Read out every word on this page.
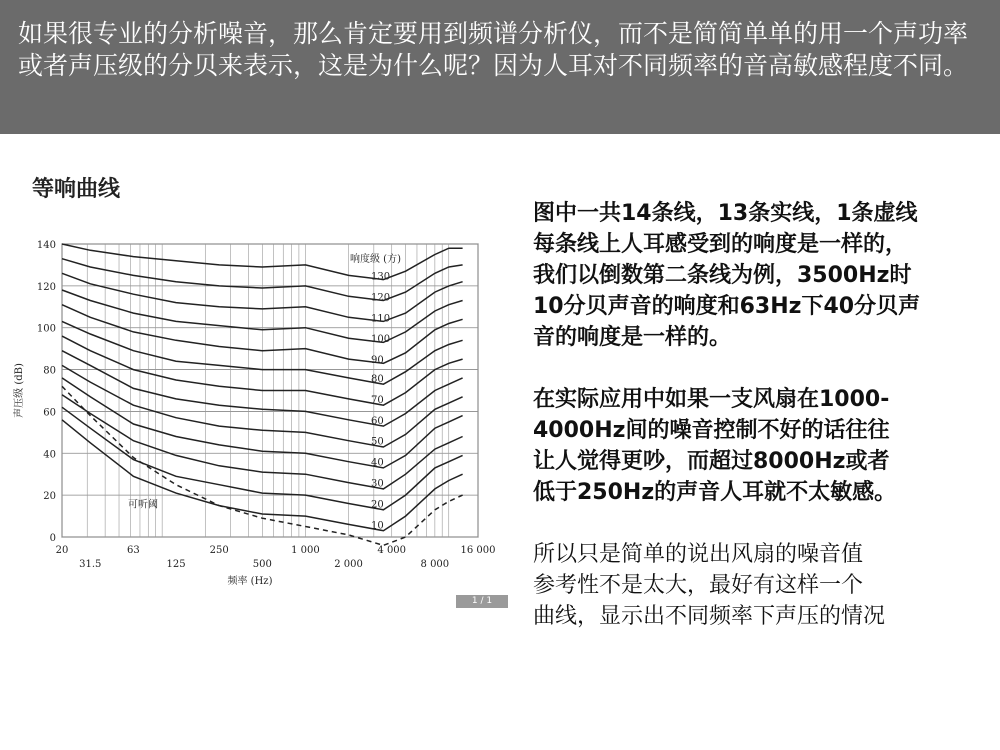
如果很专业的分析噪音，那么肯定要用到频谱分析仪，而不是简简单单的用一个声功率或者声压级的分贝来表示，这是为什么呢？因为人耳对不同频率的音高敏感程度不同。
等响曲线
0
20
40
60
80
100
120
140
20	63	250	1 000	4 000	16 000
31.5	125	500	2 000	8 000
频率 (Hz)
声压级 (dB)
响度级 (方)
130
120
110
100
90
80
70
60
50
40
30
20
10
可听阈
1 / 1
图中一共14条线，13条实线，1条虚线
每条线上人耳感受到的响度是一样的，
我们以倒数第二条线为例，3500Hz时
10分贝声音的响度和63Hz下40分贝声
音的响度是一样的。
在实际应用中如果一支风扇在1000-
4000Hz间的噪音控制不好的话往往
让人觉得更吵，而超过8000Hz或者
低于250Hz的声音人耳就不太敏感。
所以只是简单的说出风扇的噪音值
参考性不是太大，最好有这样一个
曲线，显示出不同频率下声压的情况
